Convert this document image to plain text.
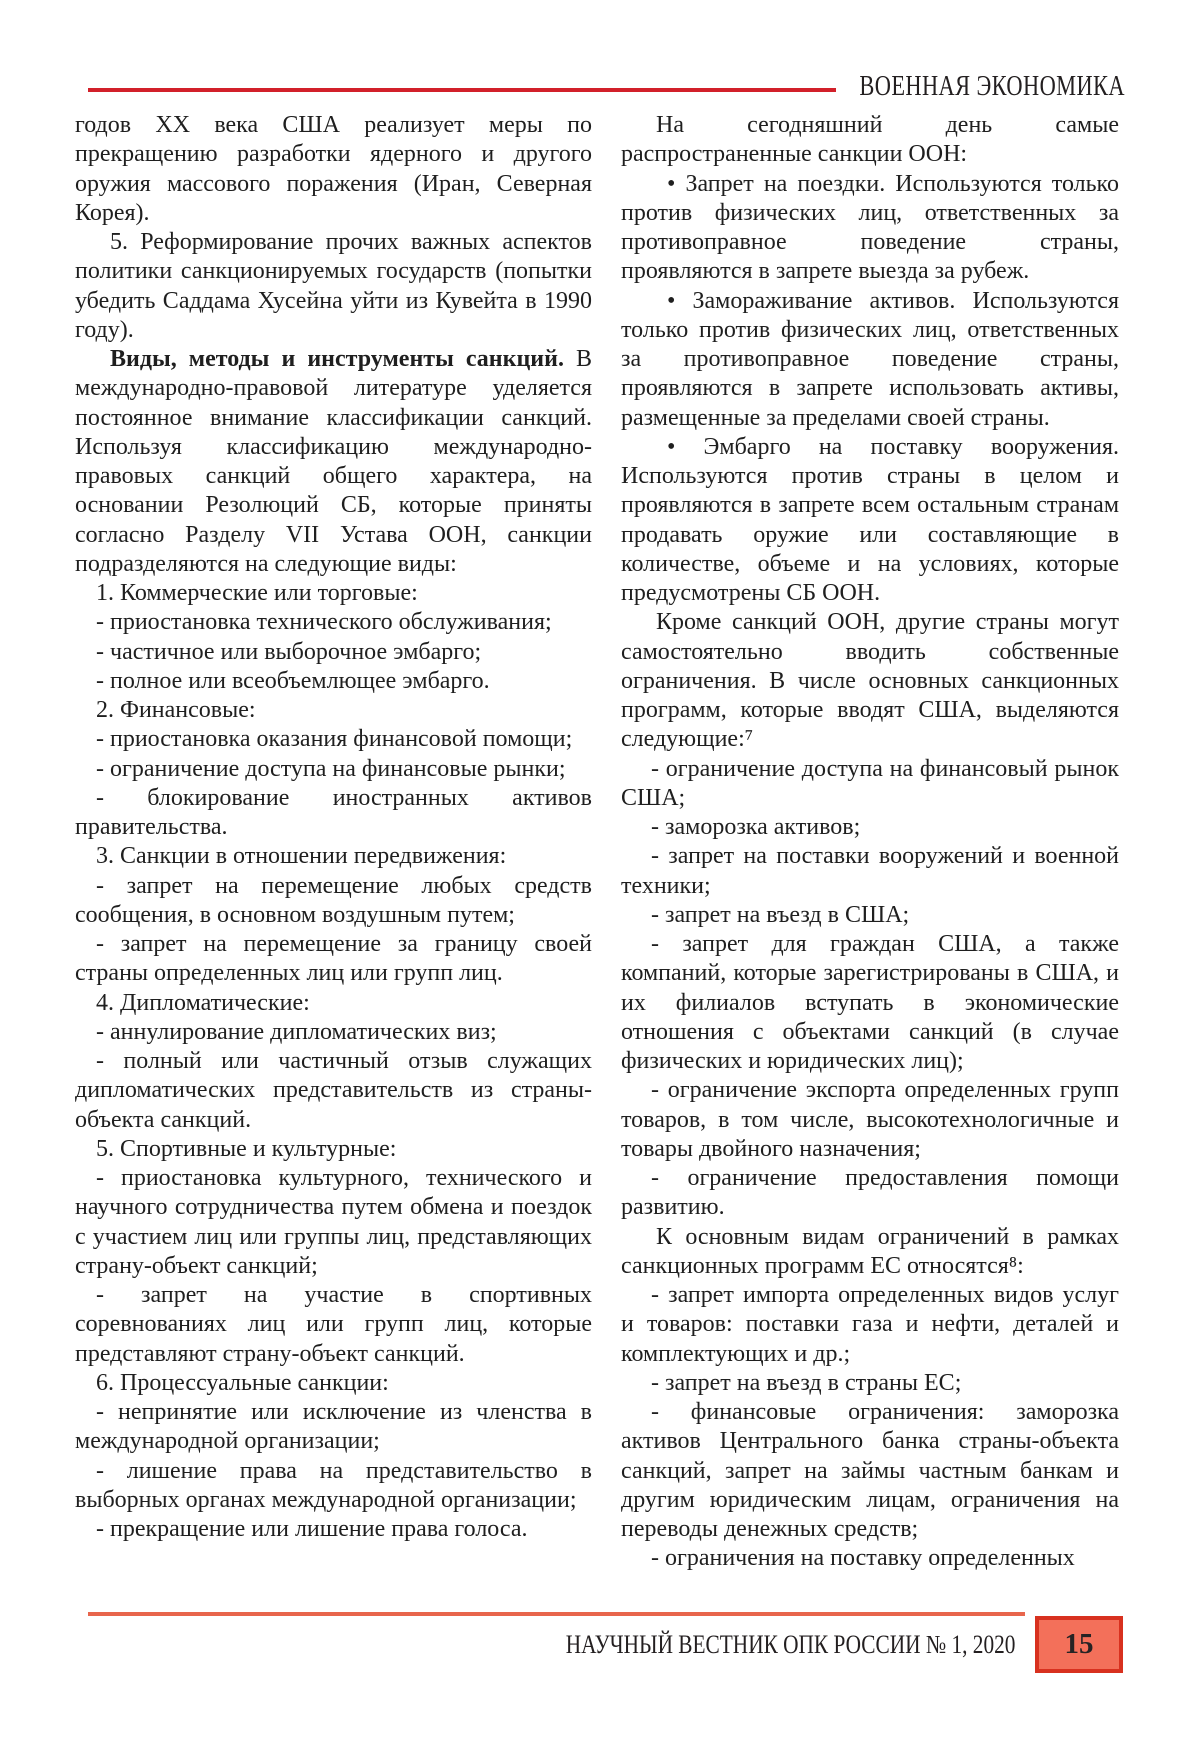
ВОЕННАЯ ЭКОНОМИКА

годов XX века США реализует меры по прекращению разработки ядерного и другого оружия массового поражения (Иран, Северная Корея).

5. Реформирование прочих важных аспектов политики санкционируемых государств (попытки убедить Саддама Хусейна уйти из Кувейта в 1990 году).

Виды, методы и инструменты санкций. В международно-правовой литературе уделяется постоянное внимание классификации санкций. Используя классификацию международно-правовых санкций общего характера, на основании Резолюций СБ, которые приняты согласно Разделу VII Устава ООН, санкции подразделяются на следующие виды:

1. Коммерческие или торговые:

- приостановка технического обслуживания;

- частичное или выборочное эмбарго;

- полное или всеобъемлющее эмбарго.

2. Финансовые:

- приостановка оказания финансовой помощи;

- ограничение доступа на финансовые рынки;

- блокирование иностранных активов правительства.

3. Санкции в отношении передвижения:

- запрет на перемещение любых средств сообщения, в основном воздушным путем;

- запрет на перемещение за границу своей страны определенных лиц или групп лиц.

4. Дипломатические:

- аннулирование дипломатических виз;

- полный или частичный отзыв служащих дипломатических представительств из страны-объекта санкций.

5. Спортивные и культурные:

- приостановка культурного, технического и научного сотрудничества путем обмена и поездок с участием лиц или группы лиц, представляющих страну-объект санкций;

- запрет на участие в спортивных соревнованиях лиц или групп лиц, которые представляют страну-объект санкций.

6. Процессуальные санкции:

- непринятие или исключение из членства в международной организации;

- лишение права на представительство в выборных органах международной организации;

- прекращение или лишение права голоса.

На сегодняшний день самые распространенные санкции ООН:

• Запрет на поездки. Используются только против физических лиц, ответственных за противоправное поведение страны, проявляются в запрете выезда за рубеж.

• Замораживание активов. Используются только против физических лиц, ответственных за противоправное поведение страны, проявляются в запрете использовать активы, размещенные за пределами своей страны.

• Эмбарго на поставку вооружения. Используются против страны в целом и проявляются в запрете всем остальным странам продавать оружие или составляющие в количестве, объеме и на условиях, которые предусмотрены СБ ООН.

Кроме санкций ООН, другие страны могут самостоятельно вводить собственные ограничения. В числе основных санкционных программ, которые вводят США, выделяются следующие:⁷

- ограничение доступа на финансовый рынок США;

- заморозка активов;

- запрет на поставки вооружений и военной техники;

- запрет на въезд в США;

- запрет для граждан США, а также компаний, которые зарегистрированы в США, и их филиалов вступать в экономические отношения с объектами санкций (в случае физических и юридических лиц);

- ограничение экспорта определенных групп товаров, в том числе, высокотехнологичные и товары двойного назначения;

- ограничение предоставления помощи развитию.

К основным видам ограничений в рамках санкционных программ ЕС относятся⁸:

- запрет импорта определенных видов услуг и товаров: поставки газа и нефти, деталей и комплектующих и др.;

- запрет на въезд в страны ЕС;

- финансовые ограничения: заморозка активов Центрального банка страны-объекта санкций, запрет на займы частным банкам и другим юридическим лицам, ограничения на переводы денежных средств;

- ограничения на поставку определенных

НАУЧНЫЙ ВЕСТНИК ОПК РОССИИ № 1, 2020 15
